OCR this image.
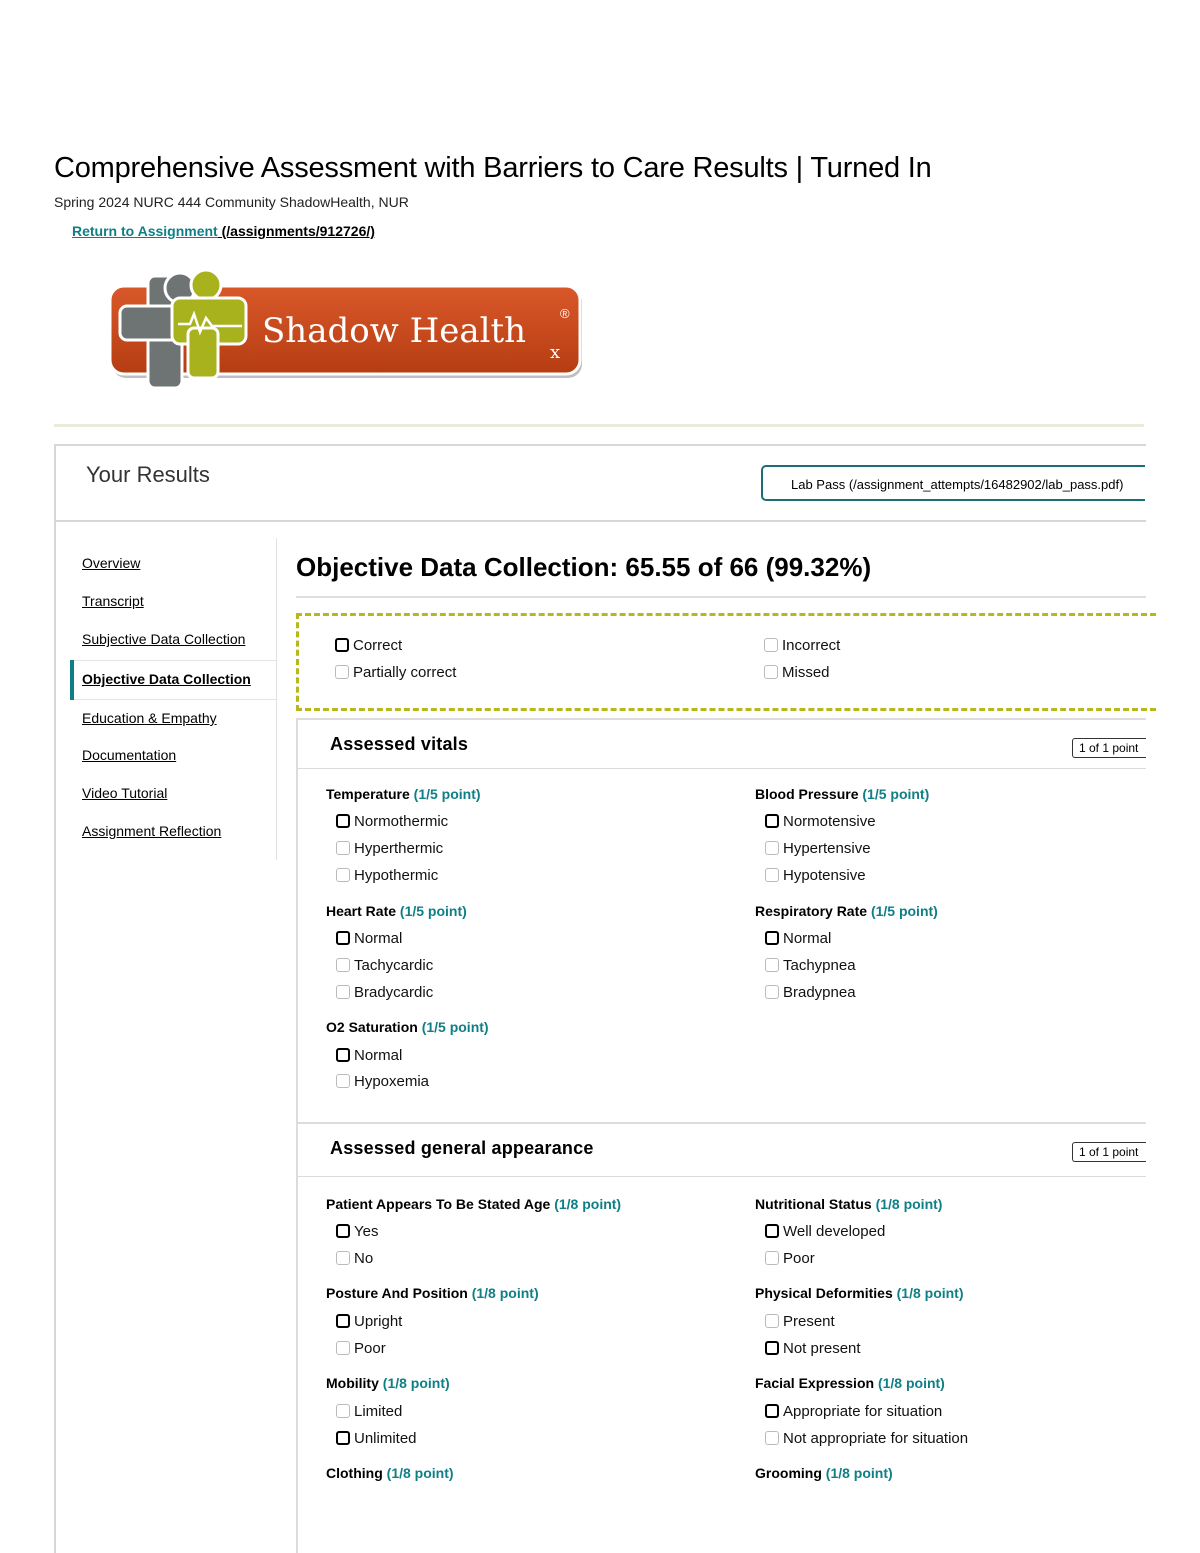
Comprehensive Assessment with Barriers to Care Results | Turned In
Spring 2024 NURC 444 Community ShadowHealth, NUR
Return to Assignment (/assignments/912726/)
Shadow Health
x
®
Your Results	Lab Pass (/assignment_attempts/16482902/lab_pass.pdf)
Overview
Transcript
Subjective Data Collection
Objective Data Collection
Education & Empathy
Documentation
Video Tutorial
Assignment Reflection
Objective Data Collection: 65.55 of 66 (99.32%)
Correct	Incorrect
Partially correct	Missed
Assessed vitals	1 of 1 point
Temperature (1/5 point)
Normothermic
Hyperthermic
Hypothermic
Blood Pressure (1/5 point)
Normotensive
Hypertensive
Hypotensive
Heart Rate (1/5 point)
Normal
Tachycardic
Bradycardic
Respiratory Rate (1/5 point)
Normal
Tachypnea
Bradypnea
O2 Saturation (1/5 point)
Normal
Hypoxemia
Assessed general appearance	1 of 1 point
Patient Appears To Be Stated Age (1/8 point)
Yes
No
Nutritional Status (1/8 point)
Well developed
Poor
Posture And Position (1/8 point)
Upright
Poor
Physical Deformities (1/8 point)
Present
Not present
Mobility (1/8 point)
Limited
Unlimited
Facial Expression (1/8 point)
Appropriate for situation
Not appropriate for situation
Clothing (1/8 point)	Grooming (1/8 point)
